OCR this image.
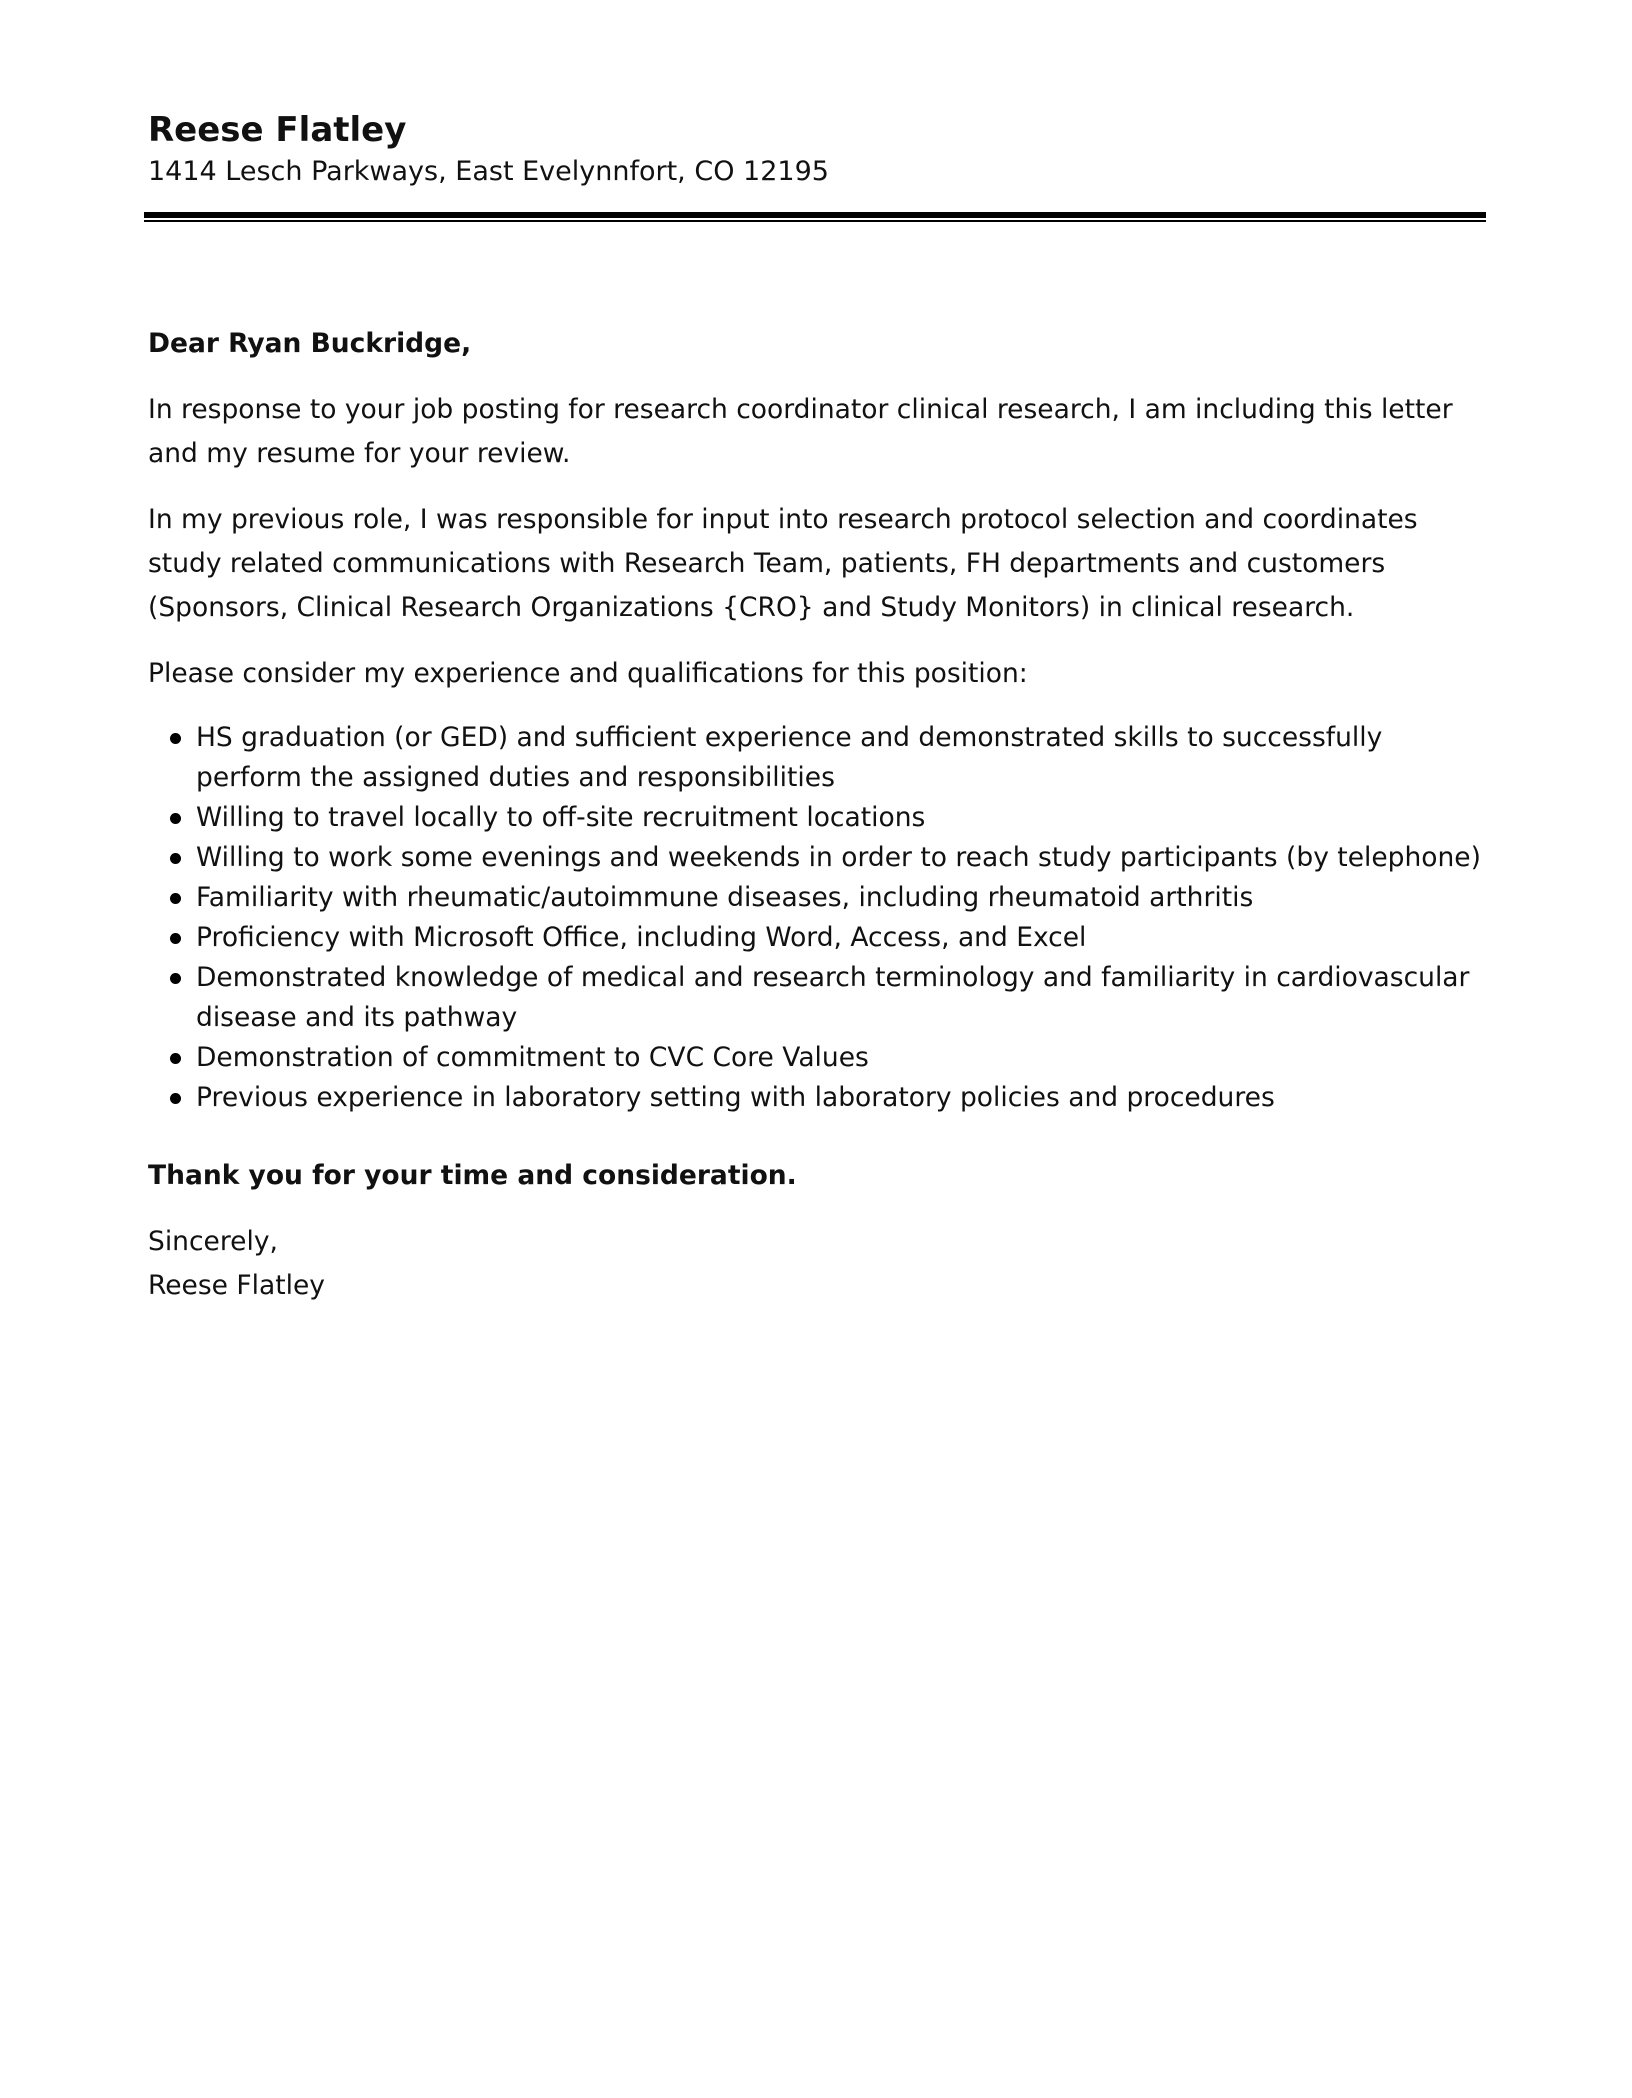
Reese Flatley
1414 Lesch Parkways, East Evelynnfort, CO 12195

Dear Ryan Buckridge,

In response to your job posting for research coordinator clinical research, I am including this letter and my resume for your review.

In my previous role, I was responsible for input into research protocol selection and coordinates study related communications with Research Team, patients, FH departments and customers (Sponsors, Clinical Research Organizations {CRO} and Study Monitors) in clinical research.

Please consider my experience and qualifications for this position:

HS graduation (or GED) and sufficient experience and demonstrated skills to successfully perform the assigned duties and responsibilities
Willing to travel locally to off-site recruitment locations
Willing to work some evenings and weekends in order to reach study participants (by telephone)
Familiarity with rheumatic/autoimmune diseases, including rheumatoid arthritis
Proficiency with Microsoft Office, including Word, Access, and Excel
Demonstrated knowledge of medical and research terminology and familiarity in cardiovascular disease and its pathway
Demonstration of commitment to CVC Core Values
Previous experience in laboratory setting with laboratory policies and procedures

Thank you for your time and consideration.

Sincerely,

Reese Flatley
